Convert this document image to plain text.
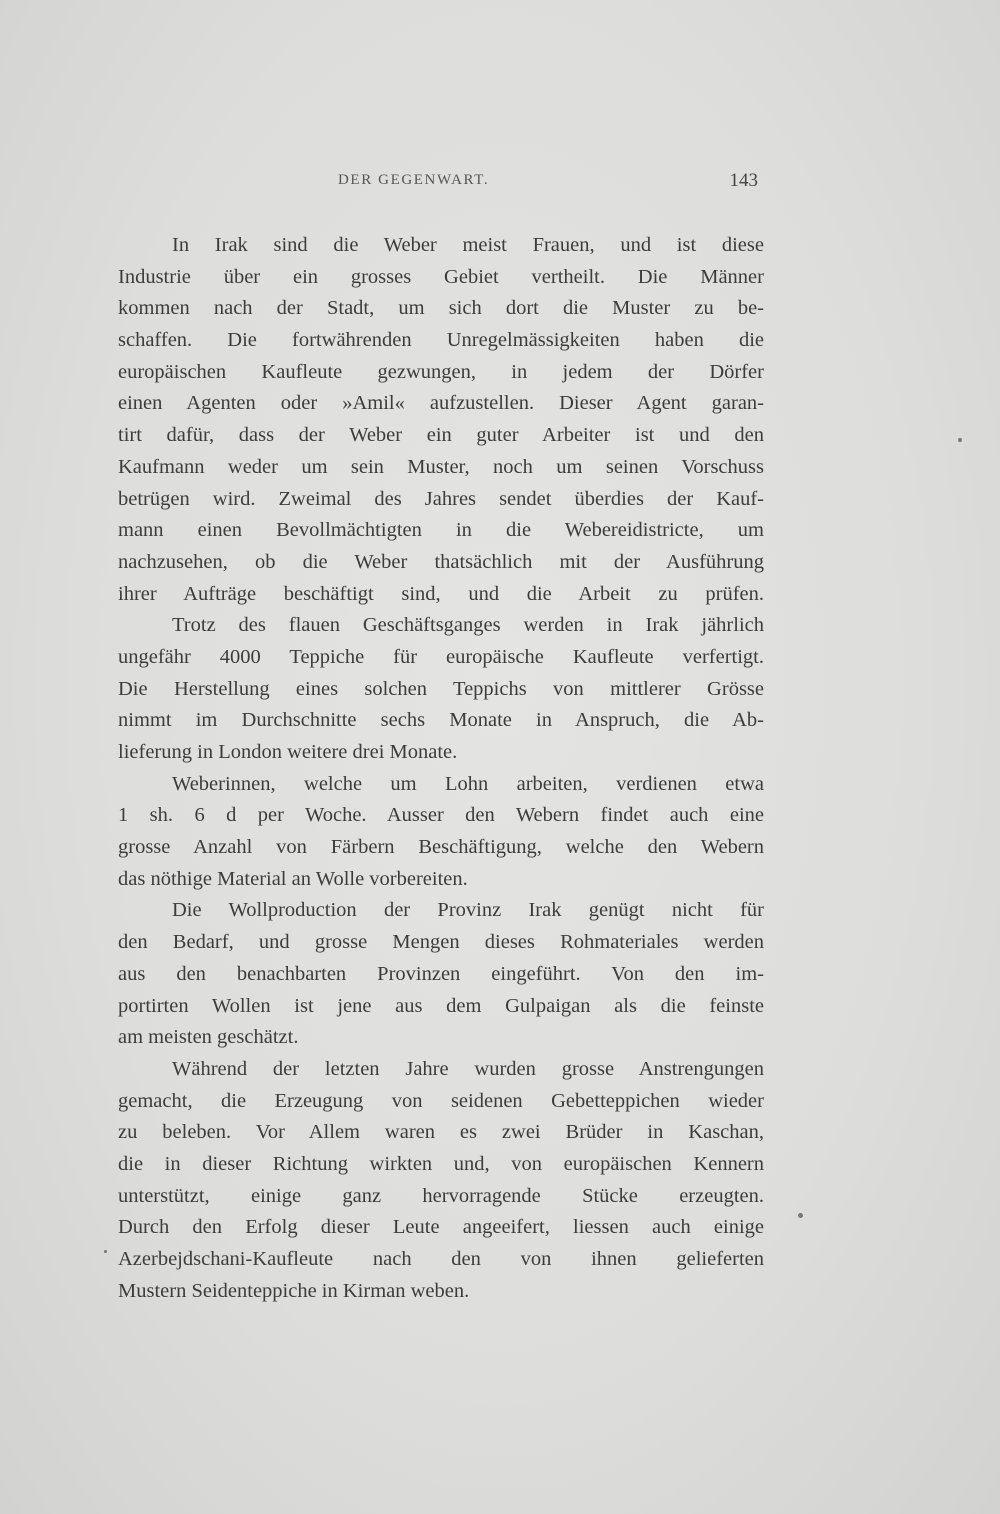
DER GEGENWART.	143
In Irak sind die Weber meist Frauen, und ist diese
Industrie über ein grosses Gebiet vertheilt. Die Männer
kommen nach der Stadt, um sich dort die Muster zu be-
schaffen. Die fortwährenden Unregelmässigkeiten haben die
europäischen Kaufleute gezwungen, in jedem der Dörfer
einen Agenten oder »Amil« aufzustellen. Dieser Agent garan-
tirt dafür, dass der Weber ein guter Arbeiter ist und den
Kaufmann weder um sein Muster, noch um seinen Vorschuss
betrügen wird. Zweimal des Jahres sendet überdies der Kauf-
mann einen Bevollmächtigten in die Webereidistricte, um
nachzusehen, ob die Weber thatsächlich mit der Ausführung
ihrer Aufträge beschäftigt sind, und die Arbeit zu prüfen.
Trotz des flauen Geschäftsganges werden in Irak jährlich
ungefähr 4000 Teppiche für europäische Kaufleute verfertigt.
Die Herstellung eines solchen Teppichs von mittlerer Grösse
nimmt im Durchschnitte sechs Monate in Anspruch, die Ab-
lieferung in London weitere drei Monate.
Weberinnen, welche um Lohn arbeiten, verdienen etwa
1 sh. 6 d per Woche. Ausser den Webern findet auch eine
grosse Anzahl von Färbern Beschäftigung, welche den Webern
das nöthige Material an Wolle vorbereiten.
Die Wollproduction der Provinz Irak genügt nicht für
den Bedarf, und grosse Mengen dieses Rohmateriales werden
aus den benachbarten Provinzen eingeführt. Von den im-
portirten Wollen ist jene aus dem Gulpaigan als die feinste
am meisten geschätzt.
Während der letzten Jahre wurden grosse Anstrengungen
gemacht, die Erzeugung von seidenen Gebetteppichen wieder
zu beleben. Vor Allem waren es zwei Brüder in Kaschan,
die in dieser Richtung wirkten und, von europäischen Kennern
unterstützt, einige ganz hervorragende Stücke erzeugten.
Durch den Erfolg dieser Leute angeeifert, liessen auch einige
Azerbejdschani-Kaufleute nach den von ihnen gelieferten
Mustern Seidenteppiche in Kirman weben.
